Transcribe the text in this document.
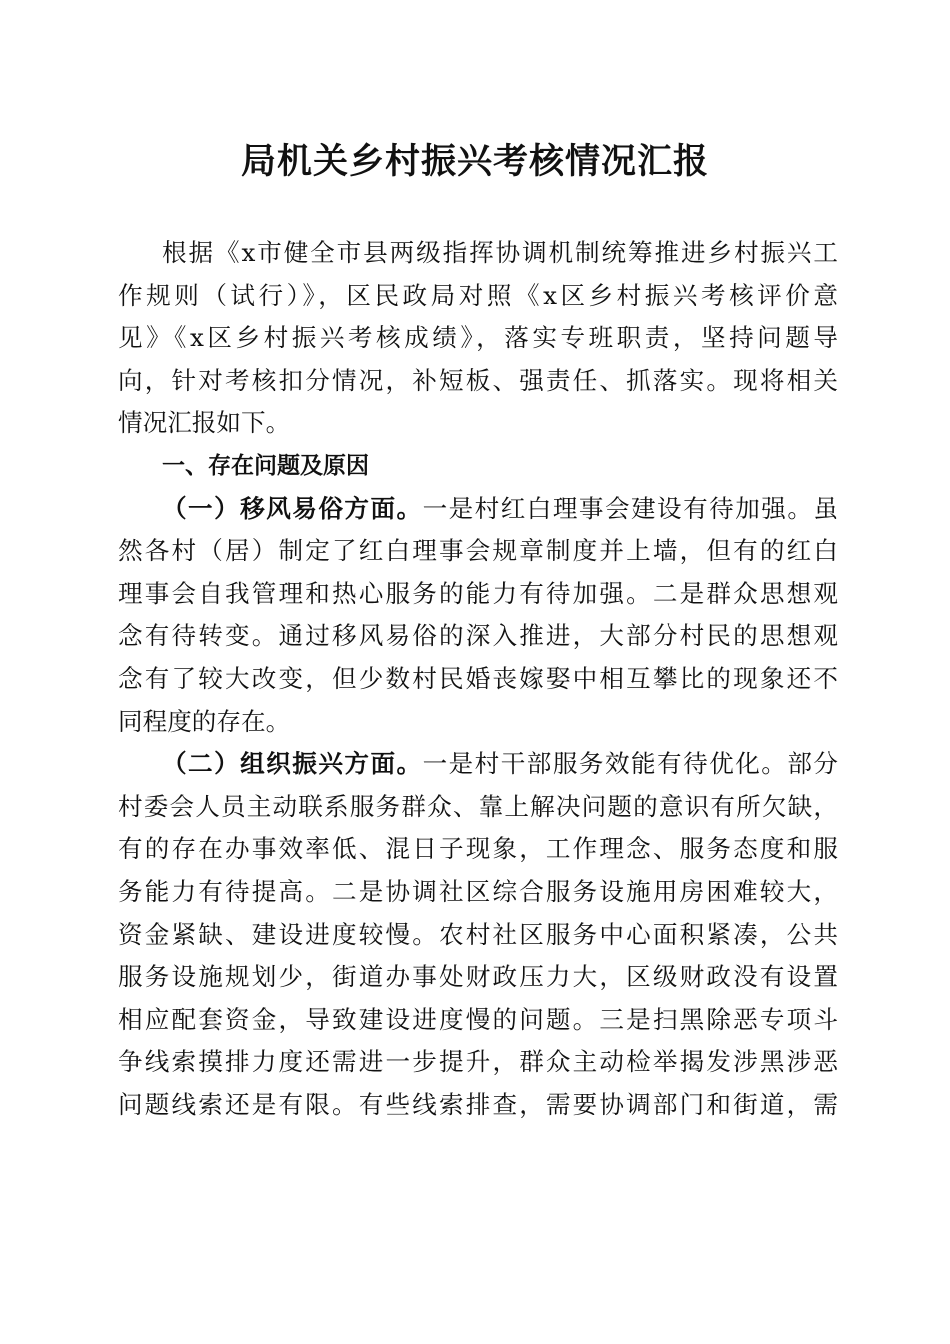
局机关乡村振兴考核情况汇报
根据《x市健全市县两级指挥协调机制统筹推进乡村振兴工
作规则（试行）》，区民政局对照《x区乡村振兴考核评价意
见》《x区乡村振兴考核成绩》，落实专班职责，坚持问题导
向，针对考核扣分情况，补短板、强责任、抓落实。现将相关
情况汇报如下。
一、存在问题及原因
（一）移风易俗方面。一是村红白理事会建设有待加强。虽
然各村（居）制定了红白理事会规章制度并上墙，但有的红白
理事会自我管理和热心服务的能力有待加强。二是群众思想观
念有待转变。通过移风易俗的深入推进，大部分村民的思想观
念有了较大改变，但少数村民婚丧嫁娶中相互攀比的现象还不
同程度的存在。
（二）组织振兴方面。一是村干部服务效能有待优化。部分
村委会人员主动联系服务群众、靠上解决问题的意识有所欠缺，
有的存在办事效率低、混日子现象，工作理念、服务态度和服
务能力有待提高。二是协调社区综合服务设施用房困难较大，
资金紧缺、建设进度较慢。农村社区服务中心面积紧凑，公共
服务设施规划少，街道办事处财政压力大，区级财政没有设置
相应配套资金，导致建设进度慢的问题。三是扫黑除恶专项斗
争线索摸排力度还需进一步提升，群众主动检举揭发涉黑涉恶
问题线索还是有限。有些线索排查，需要协调部门和街道，需
